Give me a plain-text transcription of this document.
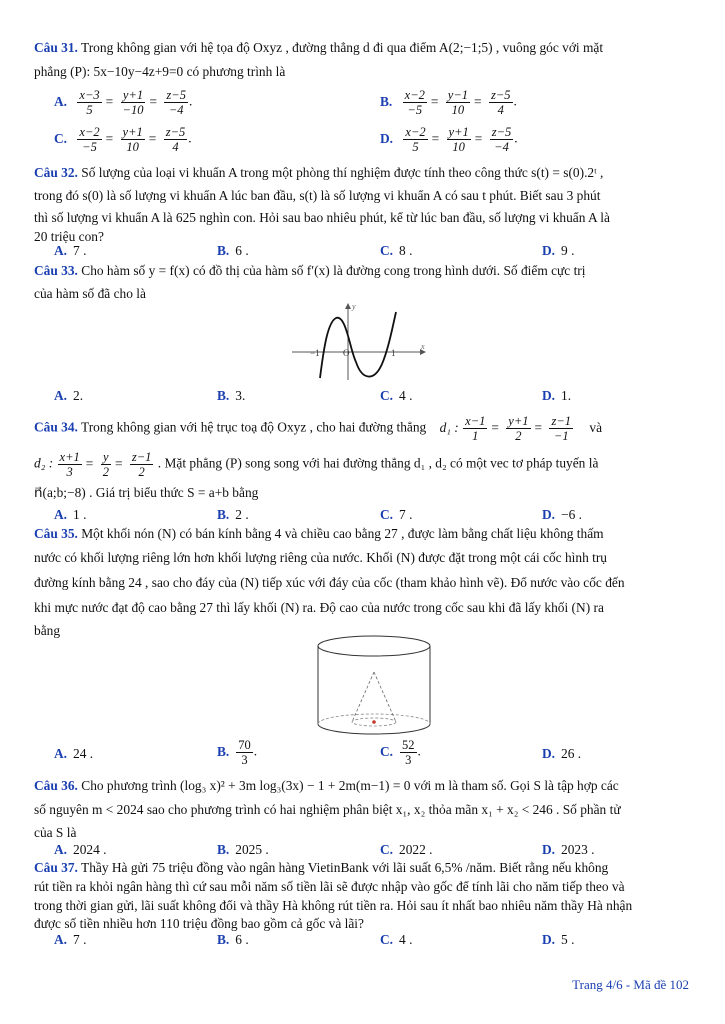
Câu 31. Trong không gian với hệ tọa độ Oxyz , đường thẳng d đi qua điểm A(2;−1;5) , vuông góc với mặt
phẳng (P): 5x−10y−4z+9=0 có phương trình là
A. $\frac{x-3}{5} = \frac{y+1}{-10} = \frac{z-5}{-4}$ .	B. $\frac{x-2}{-5} = \frac{y-1}{10} = \frac{z-5}{4}$ .
C. $\frac{x-2}{-5} = \frac{y+1}{10} = \frac{z-5}{4}$ .	D. $\frac{x-2}{5} = \frac{y+1}{10} = \frac{z-5}{-4}$ .
Câu 32. Số lượng của loại vi khuẩn A trong một phòng thí nghiệm được tính theo công thức s(t) = s(0).2ᵗ ,
trong đó s(0) là số lượng vi khuẩn A lúc ban đầu, s(t) là số lượng vi khuẩn A có sau t phút. Biết sau 3 phút
thì số lượng vi khuẩn A là 625 nghìn con. Hỏi sau bao nhiêu phút, kể từ lúc ban đầu, số lượng vi khuẩn A là
20 triệu con?
A. 7 .	B. 6 .	C. 8 .	D. 9 .
Câu 33. Cho hàm số y = f(x) có đồ thị của hàm số f′(x) là đường cong trong hình dưới. Số điểm cực trị
của hàm số đã cho là
y
x
−1	O	1
A. 2.	B. 3.	C. 4 .	D. 1.
Câu 34. Trong không gian với hệ trục toạ độ Oxyz , cho hai đường thẳng d₁ : $\frac{x-1}{1} = \frac{y+1}{2} = \frac{z-1}{-1}$ và
d₂ : $\frac{x+1}{3} = \frac{y}{2} = \frac{z-1}{2}$ . Mặt phẳng (P) song song với hai đường thẳng d₁ , d₂ có một vec tơ pháp tuyến là
n⃗(a;b;−8) . Giá trị biểu thức S = a+b bằng
A. 1 .	B. 2 .	C. 7 .	D. −6 .
Câu 35. Một khối nón (N) có bán kính bằng 4 và chiều cao bằng 27 , được làm bằng chất liệu không thấm
nước có khối lượng riêng lớn hơn khối lượng riêng của nước. Khối (N) được đặt trong một cái cốc hình trụ
đường kính bằng 24 , sao cho đáy của (N) tiếp xúc với đáy của cốc (tham khảo hình vẽ). Đổ nước vào cốc đến
khi mực nước đạt độ cao bằng 27 thì lấy khối (N) ra. Độ cao của nước trong cốc sau khi đã lấy khối (N) ra
bằng
A. 24 .	B. $\frac{70}{3}$ .	C. $\frac{52}{3}$ .	D. 26 .
Câu 36. Cho phương trình (log₃ x)² + 3m log₃(3x) − 1 + 2m(m−1) = 0 với m là tham số. Gọi S là tập hợp các
số nguyên m < 2024 sao cho phương trình có hai nghiệm phân biệt x₁, x₂ thỏa mãn x₁ + x₂ < 246 . Số phần tử
của S là
A. 2024 .	B. 2025 .	C. 2022 .	D. 2023 .
Câu 37. Thầy Hà gửi 75 triệu đồng vào ngân hàng VietinBank với lãi suất 6,5% /năm. Biết rằng nếu không
rút tiền ra khỏi ngân hàng thì cứ sau mỗi năm số tiền lãi sẽ được nhập vào gốc để tính lãi cho năm tiếp theo và
trong thời gian gửi, lãi suất không đổi và thầy Hà không rút tiền ra. Hỏi sau ít nhất bao nhiêu năm thầy Hà nhận
được số tiền nhiều hơn 110 triệu đồng bao gồm cả gốc và lãi?
A. 7 .	B. 6 .	C. 4 .	D. 5 .
Trang 4/6 - Mã đề 102
